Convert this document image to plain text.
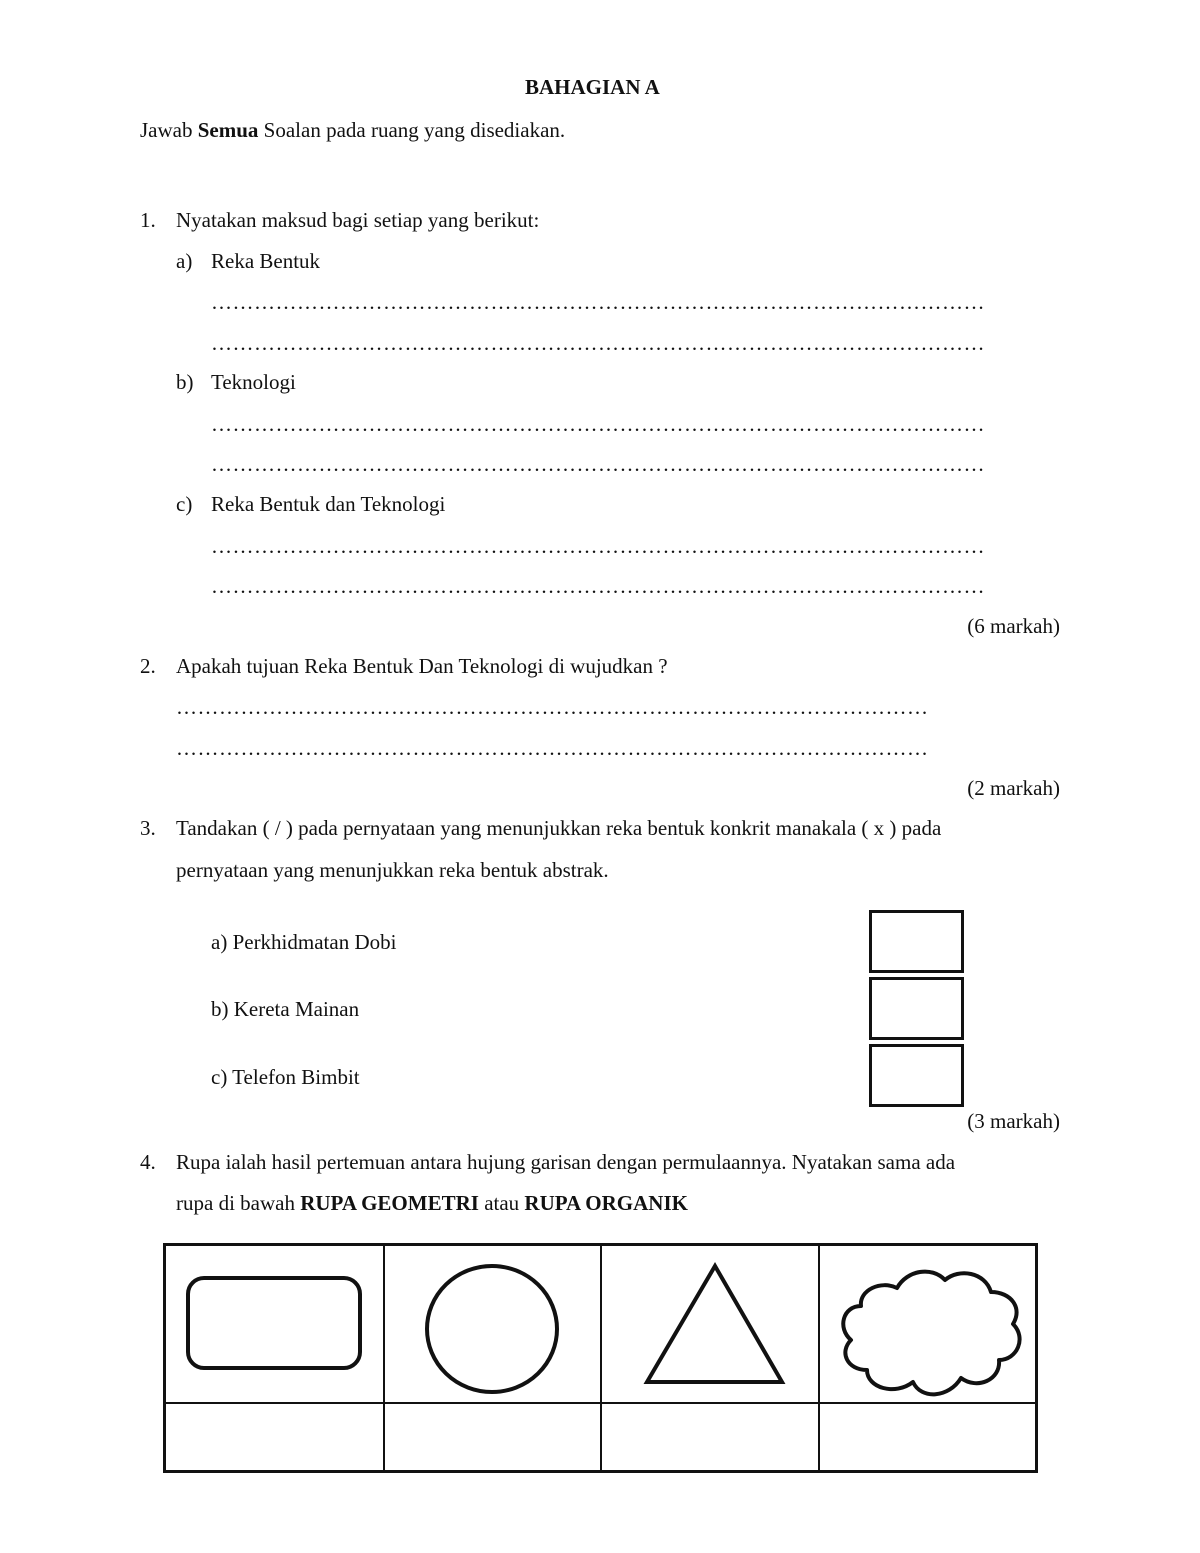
BAHAGIAN A
Jawab Semua Soalan pada ruang yang disediakan.
1. Nyatakan maksud bagi setiap yang berikut:
a) Reka Bentuk
………………………………………………………………………………………………
………………………………………………………………………………………………
b) Teknologi
………………………………………………………………………………………………
………………………………………………………………………………………………
c) Reka Bentuk dan Teknologi
………………………………………………………………………………………………
………………………………………………………………………………………………
(6 markah)
2. Apakah tujuan Reka Bentuk Dan Teknologi di wujudkan ?
……………………………………………………………………………………………
……………………………………………………………………………………………
(2 markah)
3. Tandakan ( / ) pada pernyataan yang menunjukkan reka bentuk konkrit manakala ( x ) pada
pernyataan yang menunjukkan reka bentuk abstrak.
a) Perkhidmatan Dobi
b) Kereta Mainan
c) Telefon Bimbit
(3 markah)
4. Rupa ialah hasil pertemuan antara hujung garisan dengan permulaannya. Nyatakan sama ada
rupa di bawah RUPA GEOMETRI atau RUPA ORGANIK
